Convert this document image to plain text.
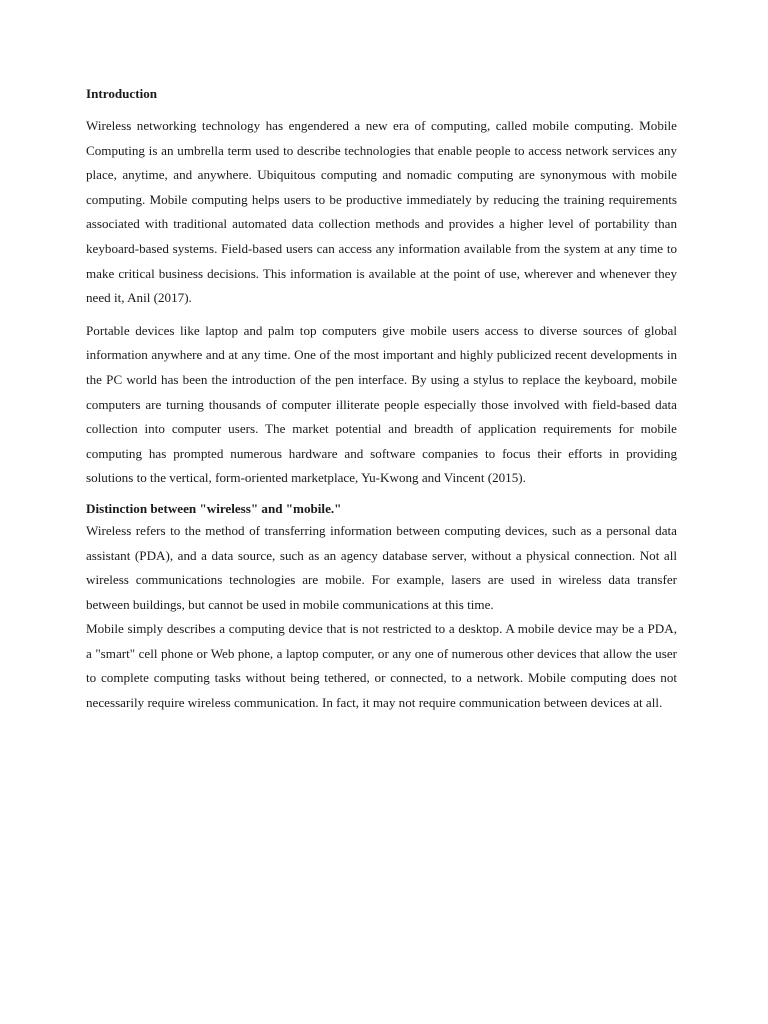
Introduction

Wireless networking technology has engendered a new era of computing, called mobile computing. Mobile Computing is an umbrella term used to describe technologies that enable people to access network services any place, anytime, and anywhere. Ubiquitous computing and nomadic computing are synonymous with mobile computing. Mobile computing helps users to be productive immediately by reducing the training requirements associated with traditional automated data collection methods and provides a higher level of portability than keyboard-based systems. Field-based users can access any information available from the system at any time to make critical business decisions. This information is available at the point of use, wherever and whenever they need it, Anil (2017).

Portable devices like laptop and palm top computers give mobile users access to diverse sources of global information anywhere and at any time. One of the most important and highly publicized recent developments in the PC world has been the introduction of the pen interface. By using a stylus to replace the keyboard, mobile computers are turning thousands of computer illiterate people especially those involved with field-based data collection into computer users. The market potential and breadth of application requirements for mobile computing has prompted numerous hardware and software companies to focus their efforts in providing solutions to the vertical, form-oriented marketplace, Yu-Kwong and Vincent (2015).

Distinction between "wireless" and "mobile."

Wireless refers to the method of transferring information between computing devices, such as a personal data assistant (PDA), and a data source, such as an agency database server, without a physical connection. Not all wireless communications technologies are mobile. For example, lasers are used in wireless data transfer between buildings, but cannot be used in mobile communications at this time.

Mobile simply describes a computing device that is not restricted to a desktop. A mobile device may be a PDA, a "smart" cell phone or Web phone, a laptop computer, or any one of numerous other devices that allow the user to complete computing tasks without being tethered, or connected, to a network. Mobile computing does not necessarily require wireless communication. In fact, it may not require communication between devices at all.
